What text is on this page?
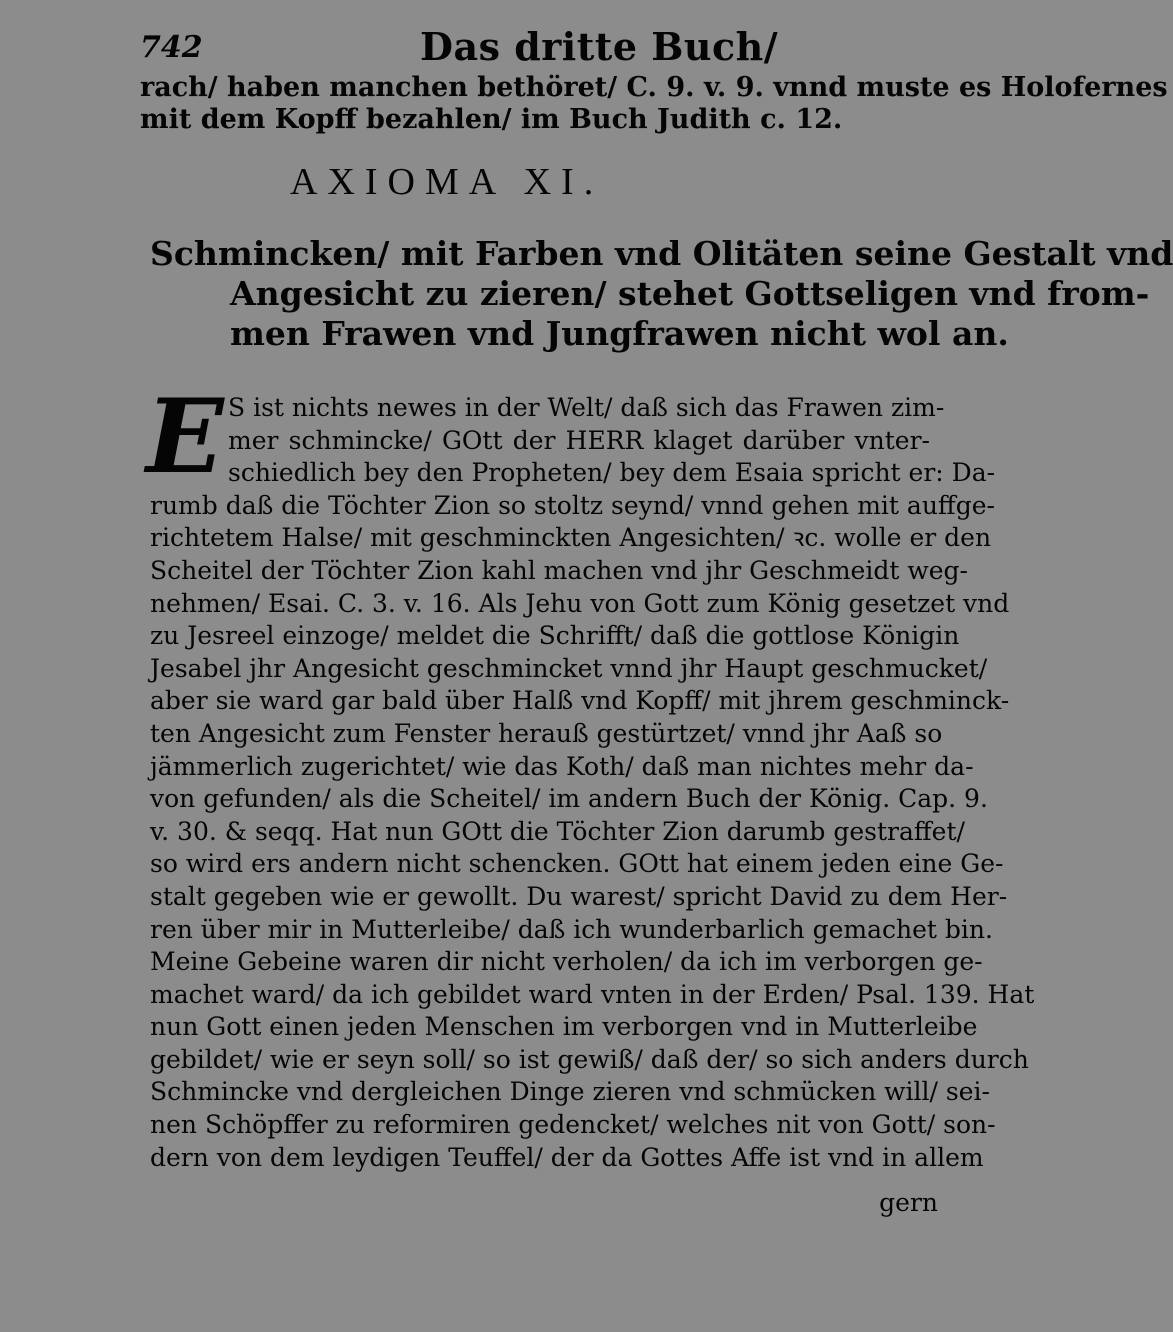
742	Das dritte Buch/
rach/ haben manchen bethöret/ C. 9. v. 9. vnnd muste es Holofernes
mit dem Kopff bezahlen/ im Buch Judith c. 12.
AXIOMA XI.
Schmincken/ mit Farben vnd Olitäten seine Gestalt vnd
Angesicht zu zieren/ stehet Gottseligen vnd from-
men Frawen vnd Jungfrawen nicht wol an.
E S ist nichts newes in der Welt/ daß sich das Frawen zim-
mer schmincke/ GOtt der HERR klaget darüber vnter-
schiedlich bey den Propheten/ bey dem Esaia spricht er: Da-
rumb daß die Töchter Zion so stoltz seynd/ vnnd gehen mit auffge-
richtetem Halse/ mit geschminckten Angesichten/ ꝛc. wolle er den
Scheitel der Töchter Zion kahl machen vnd jhr Geschmeidt weg-
nehmen/ Esai. C. 3. v. 16. Als Jehu von Gott zum König gesetzet vnd
zu Jesreel einzoge/ meldet die Schrifft/ daß die gottlose Königin
Jesabel jhr Angesicht geschmincket vnnd jhr Haupt geschmucket/
aber sie ward gar bald über Halß vnd Kopff/ mit jhrem geschminck-
ten Angesicht zum Fenster herauß gestürtzet/ vnnd jhr Aaß so
jämmerlich zugerichtet/ wie das Koth/ daß man nichtes mehr da-
von gefunden/ als die Scheitel/ im andern Buch der König. Cap. 9.
v. 30. & seqq. Hat nun GOtt die Töchter Zion darumb gestraffet/
so wird ers andern nicht schencken. GOtt hat einem jeden eine Ge-
stalt gegeben wie er gewollt. Du warest/ spricht David zu dem Her-
ren über mir in Mutterleibe/ daß ich wunderbarlich gemachet bin.
Meine Gebeine waren dir nicht verholen/ da ich im verborgen ge-
machet ward/ da ich gebildet ward vnten in der Erden/ Psal. 139. Hat
nun Gott einen jeden Menschen im verborgen vnd in Mutterleibe
gebildet/ wie er seyn soll/ so ist gewiß/ daß der/ so sich anders durch
Schmincke vnd dergleichen Dinge zieren vnd schmücken will/ sei-
nen Schöpffer zu reformiren gedencket/ welches nit von Gott/ son-
dern von dem leydigen Teuffel/ der da Gottes Affe ist vnd in allem
gern
